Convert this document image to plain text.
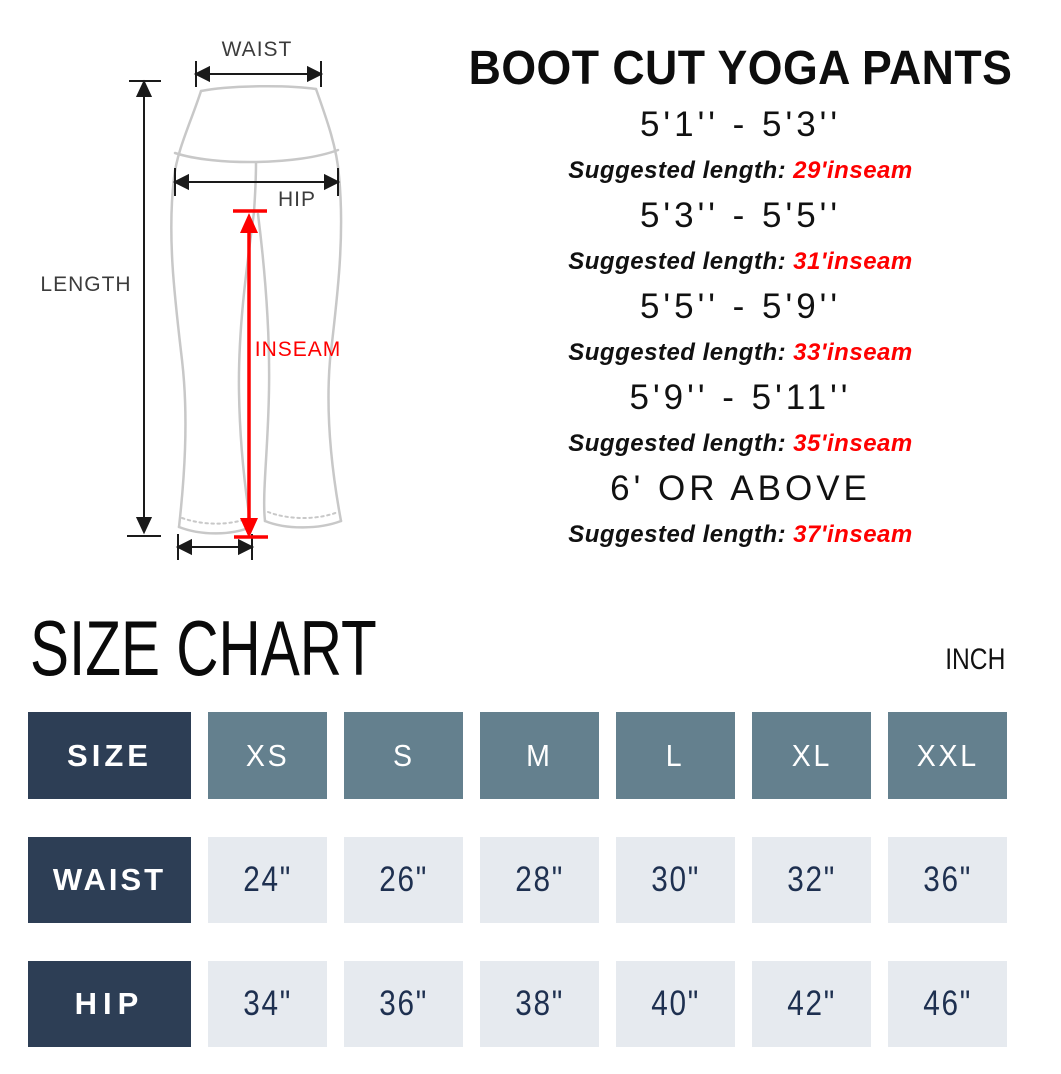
WAIST
HIP
LENGTH
INSEAM
BOOT CUT YOGA PANTS
5'1'' - 5'3''
Suggested length: 29'inseam
5'3'' - 5'5''
Suggested length: 31'inseam
5'5'' - 5'9''
Suggested length: 33'inseam
5'9'' - 5'11''
Suggested length: 35'inseam
6' OR ABOVE
Suggested length: 37'inseam
SIZE CHART	INCH
SIZE	XS	S	M	L	XL	XXL
WAIST 24" 26" 28" 30" 32" 36"
HIP	34" 36" 38" 40" 42" 46"
